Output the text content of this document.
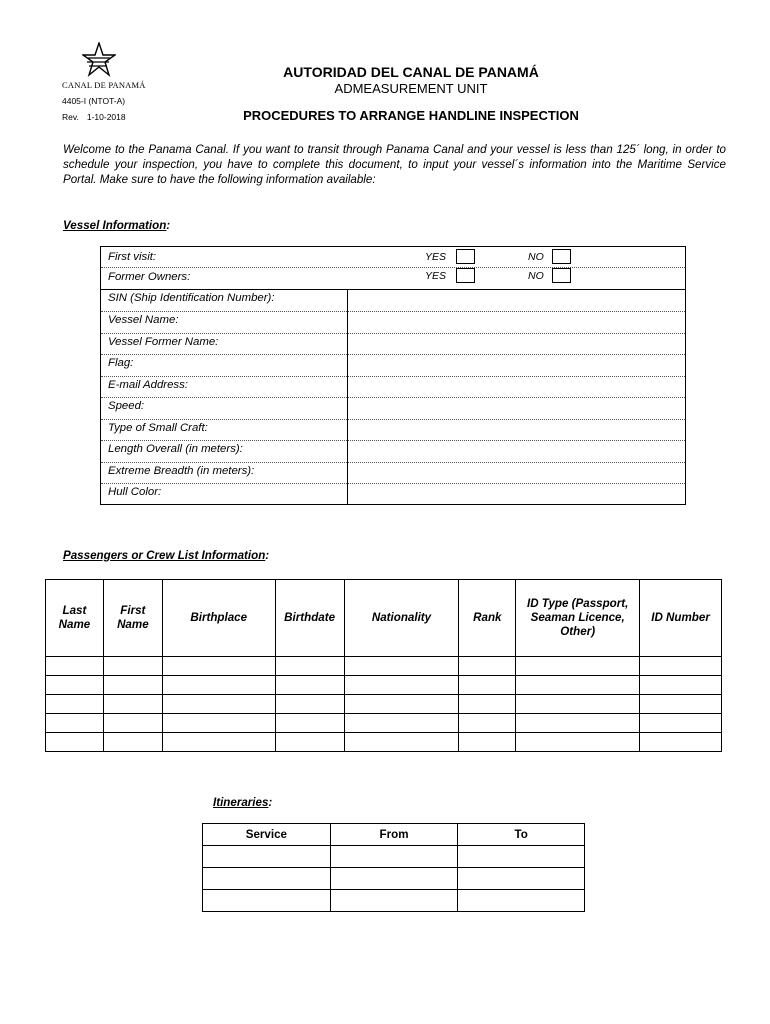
CANAL DE PANAMÁ
4405-I (NTOT-A)
Rev. 1-10-2018
AUTORIDAD DEL CANAL DE PANAMÁ
ADMEASUREMENT UNIT
PROCEDURES TO ARRANGE HANDLINE INSPECTION
Welcome to the Panama Canal. If you want to transit through Panama Canal and your vessel is less than 125´ long, in order to schedule your inspection, you have to complete this document, to input your vessel´s information into the Maritime Service Portal. Make sure to have the following information available:
Vessel Information:
First visit:	YES	NO
Former Owners:	YES	NO
SIN (Ship Identification Number):
Vessel Name:
Vessel Former Name:
Flag:
E-mail Address:
Speed:
Type of Small Craft:
Length Overall (in meters):
Extreme Breadth (in meters):
Hull Color:
Passengers or Crew List Information:
Last Name	First Name	Birthplace	Birthdate	Nationality	Rank	ID Type (Passport, Seaman Licence, Other)	ID Number

Itineraries:
Service	From	To
